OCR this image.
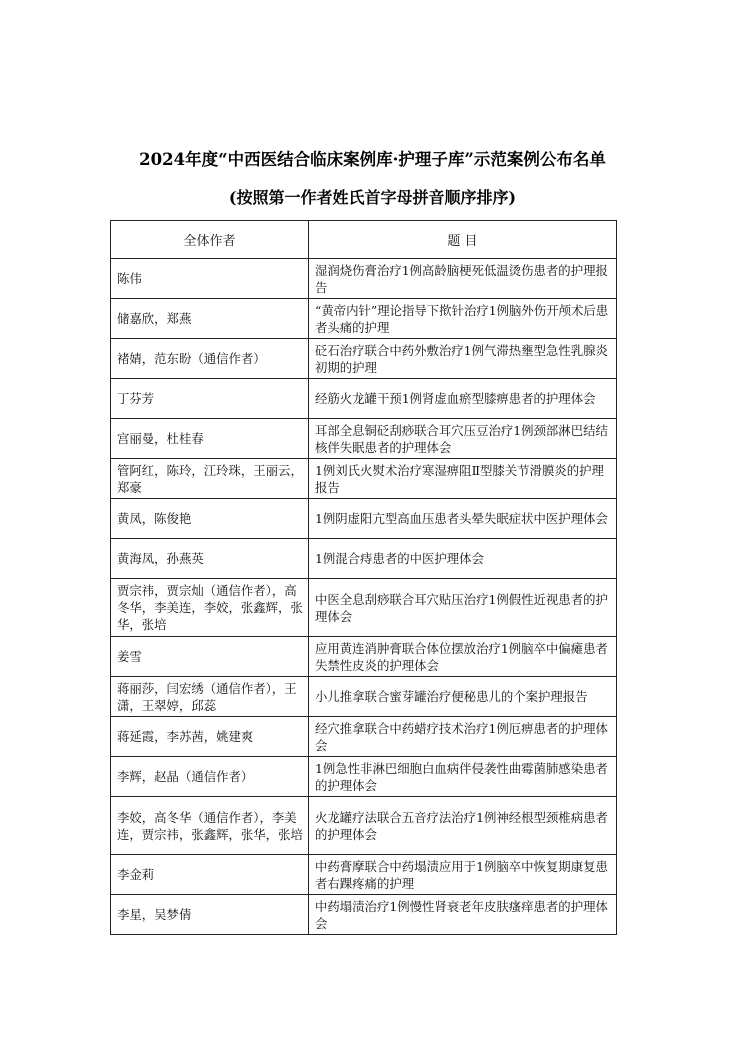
2024年度“中西医结合临床案例库·护理子库”示范案例公布名单
(按照第一作者姓氏首字母拼音顺序排序)
全体作者	题 目
陈伟	湿润烧伤膏治疗1例高龄脑梗死低温烫伤患者的护理报告
储嘉欣，郑燕	“黄帝内针”理论指导下揿针治疗1例脑外伤开颅术后患者头痛的护理
褚婧，范东盼（通信作者）	砭石治疗联合中药外敷治疗1例气滞热壅型急性乳腺炎初期的护理
丁芬芳	经筋火龙罐干预1例肾虚血瘀型膝痹患者的护理体会
宫丽曼，杜桂春	耳部全息铜砭刮痧联合耳穴压豆治疗1例颈部淋巴结结核伴失眠患者的护理体会
管阿红，陈玲，江玲珠，王丽云，郑豪	1例刘氏火熨术治疗寒湿痹阻Ⅱ型膝关节滑膜炎的护理报告
黄凤，陈俊艳	1例阴虚阳亢型高血压患者头晕失眠症状中医护理体会
黄海凤，孙燕英	1例混合痔患者的中医护理体会
贾宗祎，贾宗灿（通信作者），高冬华，李美连，李姣，张鑫辉，张华，张培	中医全息刮痧联合耳穴贴压治疗1例假性近视患者的护理体会
姜雪	应用黄连消肿膏联合体位摆放治疗1例脑卒中偏瘫患者失禁性皮炎的护理体会
蒋丽莎，闫宏绣（通信作者），王潇，王翠婷，邱蕊	小儿推拿联合蜜芽罐治疗便秘患儿的个案护理报告
蒋延霞，李苏茜，姚建爽	经穴推拿联合中药蜡疗技术治疗1例厄痹患者的护理体会
李辉，赵晶（通信作者）	1例急性非淋巴细胞白血病伴侵袭性曲霉菌肺感染患者的护理体会
李姣，高冬华（通信作者），李美连，贾宗祎，张鑫辉，张华，张培	火龙罐疗法联合五音疗法治疗1例神经根型颈椎病患者的护理体会
李金莉	中药膏摩联合中药塌渍应用于1例脑卒中恢复期康复患者右踝疼痛的护理
李星，吴梦倩	中药塌渍治疗1例慢性肾衰老年皮肤瘙痒患者的护理体会
